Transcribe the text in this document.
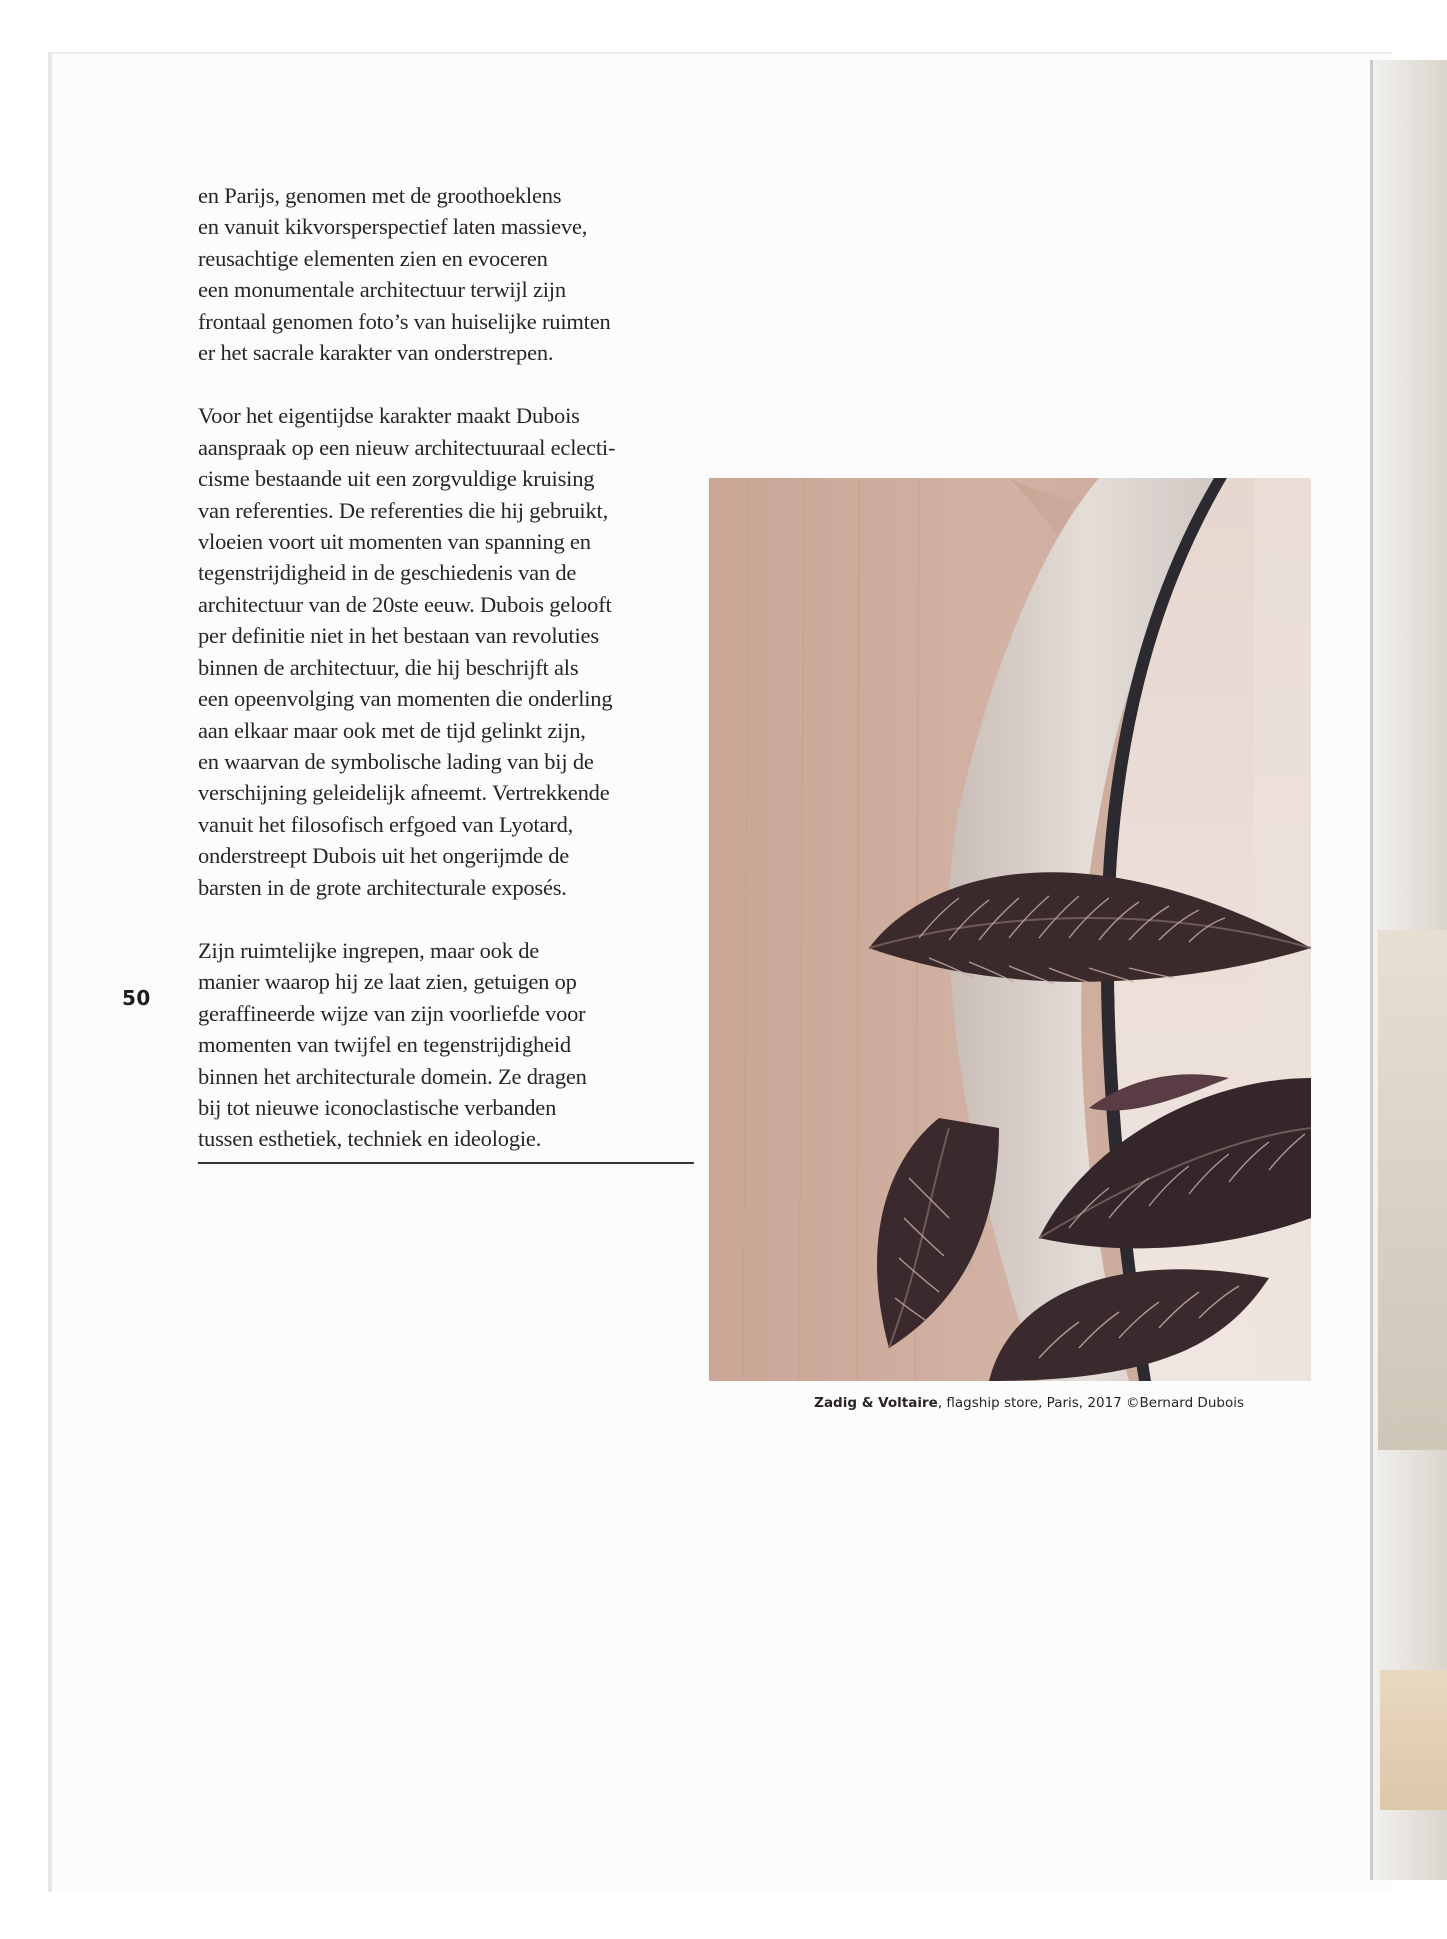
en Parijs, genomen met de groothoeklens
en vanuit kikvorsperspectief laten massieve,
reusachtige elementen zien en evoceren
een monumentale architectuur terwijl zijn
frontaal genomen foto’s van huiselijke ruimten
er het sacrale karakter van onderstrepen.

Voor het eigentijdse karakter maakt Dubois
aanspraak op een nieuw architectuuraal eclecti-
cisme bestaande uit een zorgvuldige kruising
van referenties. De referenties die hij gebruikt,
vloeien voort uit momenten van spanning en
tegenstrijdigheid in de geschiedenis van de
architectuur van de 20ste eeuw. Dubois gelooft
per definitie niet in het bestaan van revoluties
binnen de architectuur, die hij beschrijft als
een opeenvolging van momenten die onderling
aan elkaar maar ook met de tijd gelinkt zijn,
en waarvan de symbolische lading van bij de
verschijning geleidelijk afneemt. Vertrekkende
vanuit het filosofisch erfgoed van Lyotard,
onderstreept Dubois uit het ongerijmde de
barsten in de grote architecturale exposés.

Zijn ruimtelijke ingrepen, maar ook de
manier waarop hij ze laat zien, getuigen op
geraffineerde wijze van zijn voorliefde voor
momenten van twijfel en tegenstrijdigheid
binnen het architecturale domein. Ze dragen
bij tot nieuwe iconoclastische verbanden
tussen esthetiek, techniek en ideologie.

50
Zadig & Voltaire, flagship store, Paris, 2017 ©Bernard Dubois
